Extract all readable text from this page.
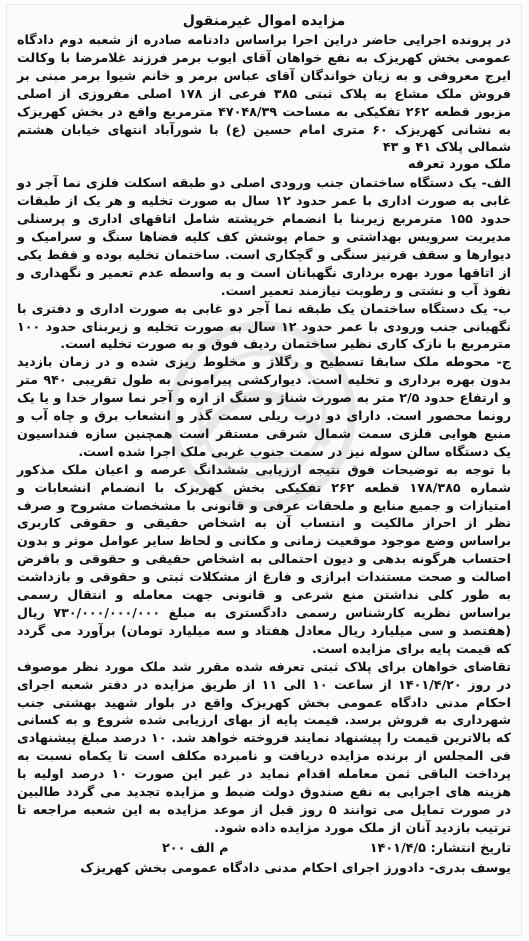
مزایده اموال غیرمنقول

در پرونده اجرایی حاضر دراین اجرا براساس دادنامه صادره از شعبه دوم دادگاه عمومی بخش کهریزک به نفع خواهان آقای ایوب برمر فرزند غلامرضا با وکالت ایرج معروفی و به زیان خواندگان آقای عباس برمر و خانم شیوا برمر مبنی بر فروش ملک مشاع به پلاک ثبتی ۳۸۵ فرعی از ۱۷۸ اصلی مفروزی از اصلی مزبور قطعه ۲۶۲ تفکیکی به مساحت ۴۷۰۴۸/۳۹ مترمربع واقع در بخش کهریزک به نشانی کهریزک ۶۰ متری امام حسین (ع) با شورآباد انتهای خیابان هشتم شمالی پلاک ۴۱ و ۴۳

ملک مورد تعرفه

الف- یک دستگاه ساختمان جنب ورودی اصلی دو طبقه اسکلت فلزی نما آجر دو غابی به صورت اداری با عمر حدود ۱۲ سال به صورت تخلیه و هر یک از طبقات حدود ۱۵۵ مترمربع زیربنا با انضمام خرپشته شامل اتاقهای اداری و پرسنلی مدیریت سرویس بهداشتی و حمام پوشش کف کلیه فضاها سنگ و سرامیک و دیوارها و سقف قرنیز سنگی و گچکاری است. ساختمان تخلیه بوده و فقط یکی از اتاقها مورد بهره برداری نگهبانان است و به واسطه عدم تعمیر و نگهداری و نفوذ آب و نشتی و رطوبت نیازمند تعمیر است.

ب- یک دستگاه ساختمان یک طبقه نما آجر دو غابی به صورت اداری و دفتری با نگهبانی جنب ورودی با عمر حدود ۱۲ سال به صورت تخلیه و زیربنای حدود ۱۰۰ مترمربع با نازک کاری نظیر ساختمان ردیف فوق و به صورت تخلیه است.

ج- محوطه ملک سابقا تسطیح و رگلاژ و مخلوط ریزی شده و در زمان بازدید بدون بهره برداری و تخلیه است. دیوارکشی پیرامونی به طول تقریبی ۹۴۰ متر و ارتفاع حدود ۲/۵ متر به صورت شناژ و سنگ از اره و آجر نما سوار خدا و یا یک رونما محصور است. دارای دو درب ریلی سمت گذر و انشعاب برق و چاه آب و منبع هوایی فلزی سمت شمال شرقی مستقر است همچنین سازه فنداسیون یک دستگاه سالن سوله نیز در سمت جنوب غربی ملک اجرا شده است.

با توجه به توضیحات فوق نتیجه ارزیابی ششدانگ عرصه و اعیان ملک مذکور شماره ۱۷۸/۳۸۵ قطعه ۲۶۲ تفکیکی بخش کهریزک با انضمام انشعابات و امتیازات و جمیع منابع و ملحقات عرفی و قانونی با مشخصات مشروح و صرف نظر از احراز مالکیت و انتساب آن به اشخاص حقیقی و حقوقی کاربری براساس وضع موجود موقعیت زمانی و مکانی و لحاظ سایر عوامل موثر و بدون احتساب هرگونه بدهی و دیون احتمالی به اشخاص حقیقی و حقوقی و بافرض اصالت و صحت مستندات ابرازی و فارغ از مشکلات ثبتی و حقوقی و بازداشت به طور کلی نداشتن منع شرعی و قانونی جهت معامله و انتقال رسمی براساس نظریه کارشناس رسمی دادگستری به مبلغ ۷۳۰/۰۰۰/۰۰۰/۰۰۰ ریال (هفتصد و سی میلیارد ریال معادل هفتاد و سه میلیارد تومان) برآورد می گردد که قیمت پایه برای مزایده است.

تقاضای خواهان برای پلاک ثبتی تعرفه شده مقرر شد ملک مورد نظر موصوف در روز ۱۴۰۱/۴/۲۰ از ساعت ۱۰ الی ۱۱ از طریق مزایده در دفتر شعبه اجرای احکام مدنی دادگاه عمومی بخش کهریزک واقع در بلوار شهید بهشتی جنب شهرداری به فروش برسد. قیمت پایه از بهای ارزیابی شده شروع و به کسانی که بالاترین قیمت را پیشنهاد نمایند فروخته خواهد شد. ۱۰ درصد مبلغ پیشنهادی فی المجلس از برنده مزایده دریافت و نامبرده مکلف است تا یکماه نسبت به پرداخت الباقی ثمن معامله اقدام نماید در غیر این صورت ۱۰ درصد اولیه با هزینه های اجرایی به نفع صندوق دولت ضبط و مزایده تجدید می گردد طالبین در صورت تمایل می توانند ۵ روز قبل از موعد مزایده به این شعبه مراجعه تا ترتیب بازدید آنان از ملک مورد مزایده داده شود.

تاریخ انتشار: ۱۴۰۱/۴/۵
م الف ۲۰۰
یوسف بدری- دادورز اجرای احکام مدنی دادگاه عمومی بخش کهریزک
